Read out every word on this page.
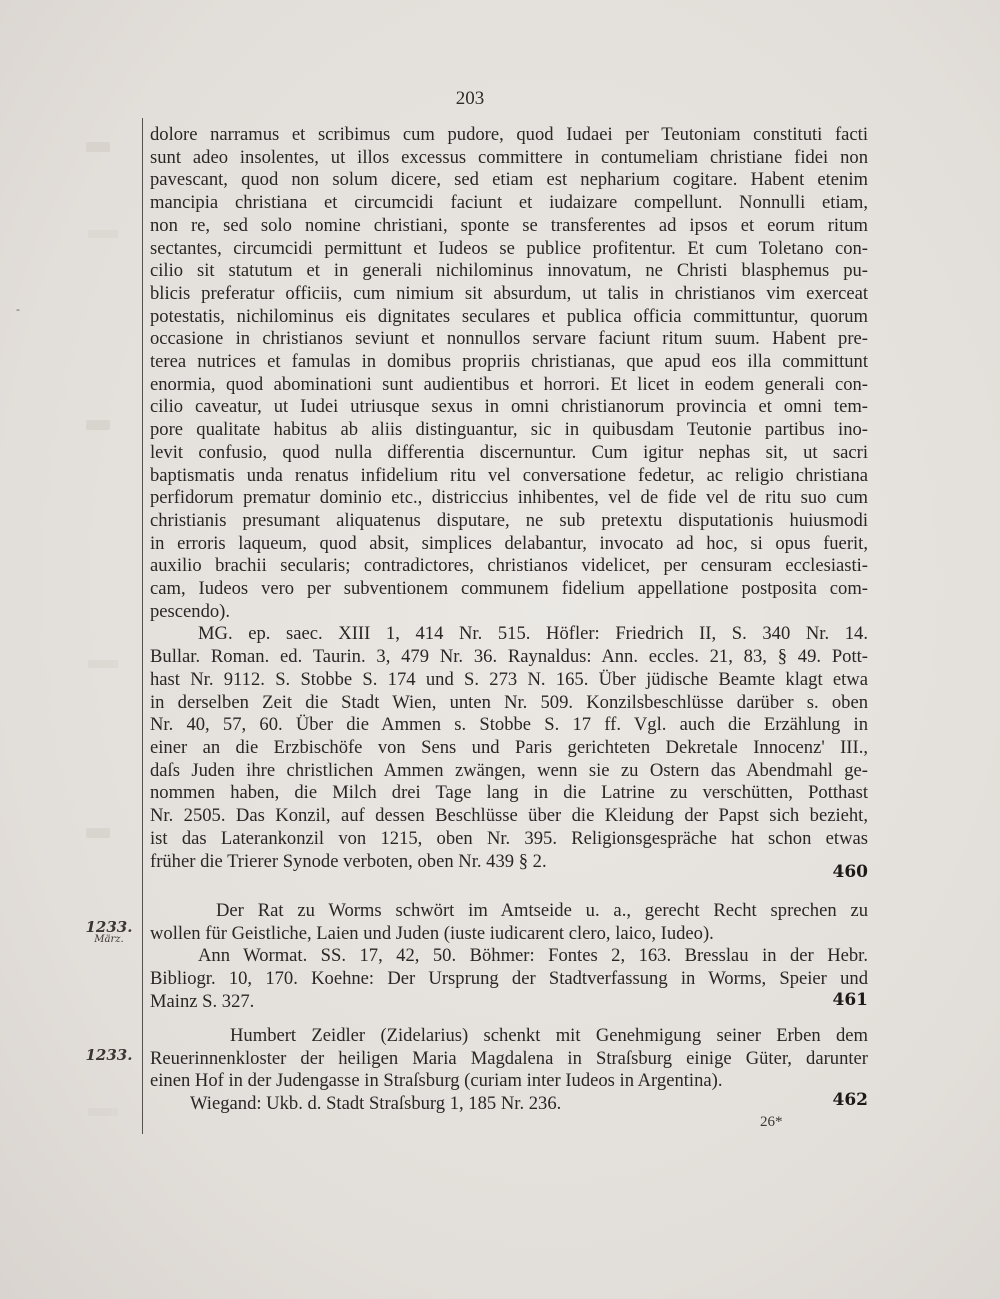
‐
203
dolore narramus et scribimus cum pudore, quod Iudaei per Teutoniam constituti facti
sunt adeo insolentes, ut illos excessus committere in contumeliam christiane fidei non
pavescant, quod non solum dicere, sed etiam est nepharium cogitare. Habent etenim
mancipia christiana et circumcidi faciunt et iudaizare compellunt. Nonnulli etiam,
non re, sed solo nomine christiani, sponte se transferentes ad ipsos et eorum ritum
sectantes, circumcidi permittunt et Iudeos se publice profitentur. Et cum Toletano con-
cilio sit statutum et in generali nichilominus innovatum, ne Christi blasphemus pu-
blicis preferatur officiis, cum nimium sit absurdum, ut talis in christianos vim exerceat
potestatis, nichilominus eis dignitates seculares et publica officia committuntur, quorum
occasione in christianos seviunt et nonnullos servare faciunt ritum suum. Habent pre-
terea nutrices et famulas in domibus propriis christianas, que apud eos illa committunt
enormia, quod abominationi sunt audientibus et horrori. Et licet in eodem generali con-
cilio caveatur, ut Iudei utriusque sexus in omni christianorum provincia et omni tem-
pore qualitate habitus ab aliis distinguantur, sic in quibusdam Teutonie partibus ino-
levit confusio, quod nulla differentia discernuntur. Cum igitur nephas sit, ut sacri
baptismatis unda renatus infidelium ritu vel conversatione fedetur, ac religio christiana
perfidorum prematur dominio etc., districcius inhibentes, vel de fide vel de ritu suo cum
christianis presumant aliquatenus disputare, ne sub pretextu disputationis huiusmodi
in erroris laqueum, quod absit, simplices delabantur, invocato ad hoc, si opus fuerit,
auxilio brachii secularis; contradictores, christianos videlicet, per censuram ecclesiasti-
cam, Iudeos vero per subventionem communem fidelium appellatione postposita com-
pescendo).
MG. ep. saec. XIII 1, 414 Nr. 515. Höfler: Friedrich II, S. 340 Nr. 14.
Bullar. Roman. ed. Taurin. 3, 479 Nr. 36. Raynaldus: Ann. eccles. 21, 83, § 49. Pott-
hast Nr. 9112. S. Stobbe S. 174 und S. 273 N. 165. Über jüdische Beamte klagt etwa
in derselben Zeit die Stadt Wien, unten Nr. 509. Konzilsbeschlüsse darüber s. oben
Nr. 40, 57, 60. Über die Ammen s. Stobbe S. 17 ff. Vgl. auch die Erzählung in
einer an die Erzbischöfe von Sens und Paris gerichteten Dekretale Innocenz' III.,
daſs Juden ihre christlichen Ammen zwängen, wenn sie zu Ostern das Abendmahl ge-
nommen haben, die Milch drei Tage lang in die Latrine zu verschütten, Potthast
Nr. 2505. Das Konzil, auf dessen Beschlüsse über die Kleidung der Papst sich bezieht,
ist das Laterankonzil von 1215, oben Nr. 395. Religionsgespräche hat schon etwas
früher die Trierer Synode verboten, oben Nr. 439 § 2.
460
1233.
März.
Der Rat zu Worms schwört im Amtseide u. a., gerecht Recht sprechen zu
wollen für Geistliche, Laien und Juden (iuste iudicarent clero, laico, Iudeo).
Ann Wormat. SS. 17, 42, 50. Böhmer: Fontes 2, 163. Bresslau in der Hebr.
Bibliogr. 10, 170. Koehne: Der Ursprung der Stadtverfassung in Worms, Speier und
Mainz S. 327.	461
1233.
Humbert Zeidler (Zidelarius) schenkt mit Genehmigung seiner Erben dem
Reuerinnenkloster der heiligen Maria Magdalena in Straſsburg einige Güter, darunter
einen Hof in der Judengasse in Straſsburg (curiam inter Iudeos in Argentina).
Wiegand: Ukb. d. Stadt Straſsburg 1, 185 Nr. 236.	462
26*
